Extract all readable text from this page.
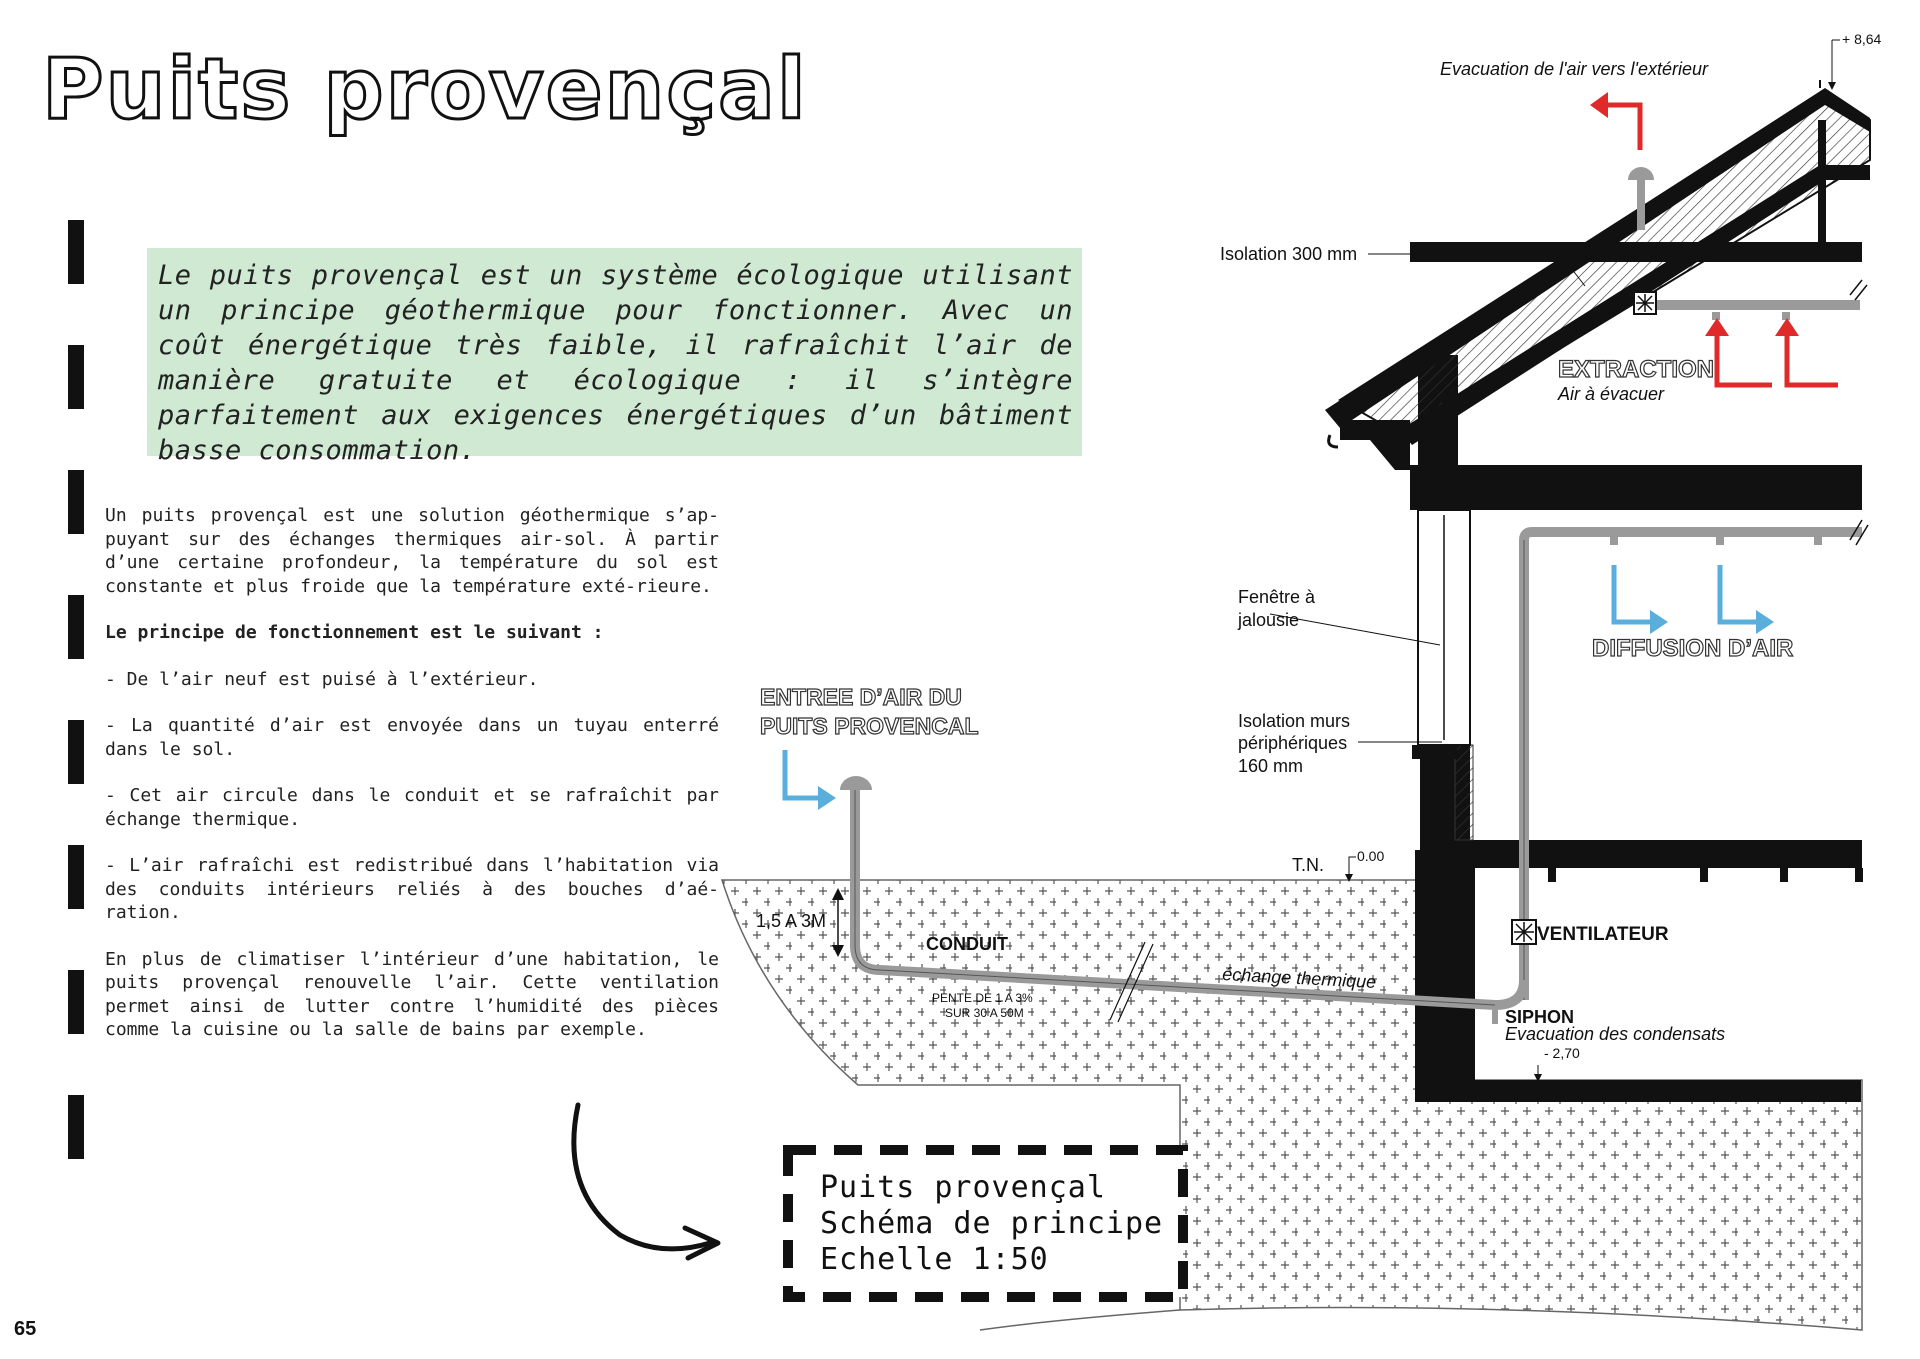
Puits provençal
Le puits provençal est un système écologique utilisant un principe géothermique pour fonctionner. Avec un coût énergétique très faible, il rafraîchit l’air de manière gratuite et écologique : il s’intègre parfaitement aux exigences énergétiques d’un bâtiment basse consommation.

Un puits provençal est une solution géothermique s’ap-puyant sur des échanges thermiques air-sol. À partir d’une certaine profondeur, la température du sol est constante et plus froide que la température exté-rieure.

Le principe de fonctionnement est le suivant :

- De l’air neuf est puisé à l’extérieur.

- La quantité d’air est envoyée dans un tuyau enterré dans le sol.

- Cet air circule dans le conduit et se rafraîchit par échange thermique.

- L’air rafraîchi est redistribué dans l’habitation via des conduits intérieurs reliés à des bouches d’aé-ration.

En plus de climatiser l’intérieur d’une habitation, le puits provençal renouvelle l’air. Cette ventilation permet ainsi de lutter contre l’humidité des pièces comme la cuisine ou la salle de bains par exemple.

Evacuation de l'air vers l'extérieur
+ 8,64
Isolation 300 mm
EXTRACTION
Air à évacuer
Fenêtre à
jalousie
DIFFUSION D’AIR
ENTREE D’AIR DU
PUITS PROVENCAL	Isolation murs
périphériques
160 mm
T.N. 0.00
1,5 A 3M
CONDUIT
PENTE DE 1 A 3%
SUR 30 A 50M
échange thermique
VENTILATEUR
SIPHON
Evacuation des condensats
- 2,70
Puits provençal
Schéma de principe
Echelle 1:50
65
